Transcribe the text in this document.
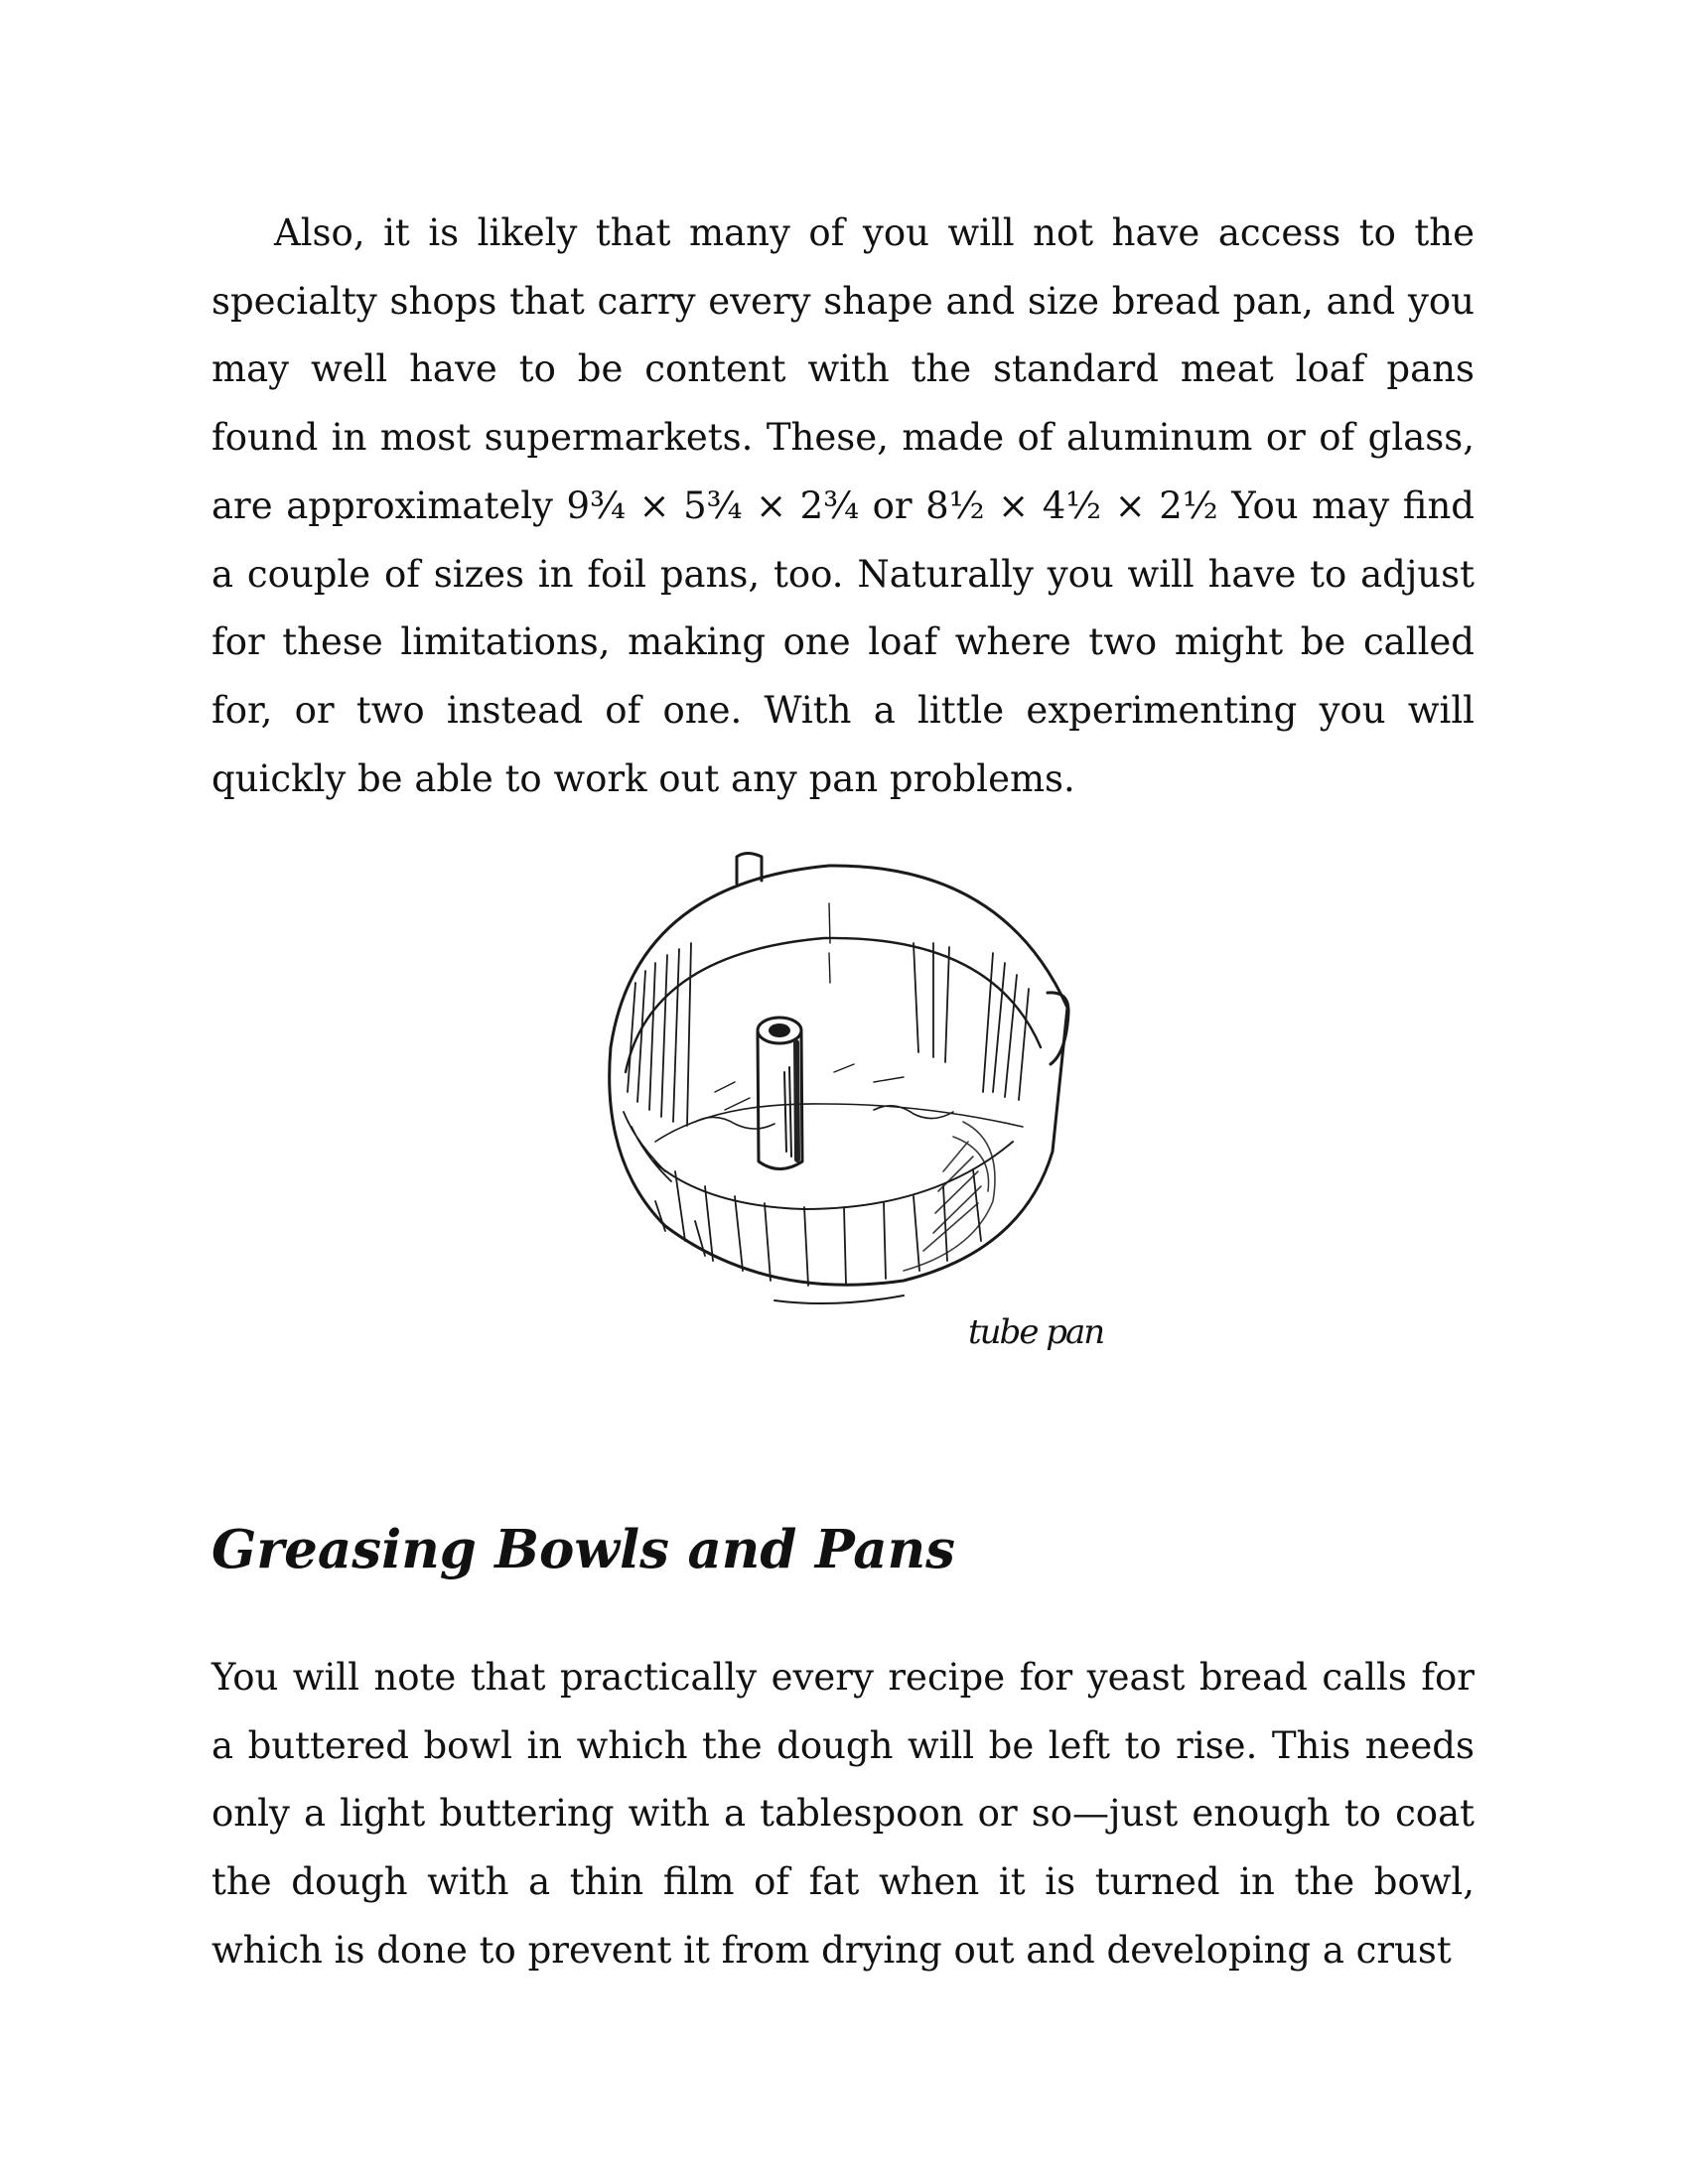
Also, it is likely that many of you will not have access to the specialty shops that carry every shape and size bread pan, and you may well have to be content with the standard meat loaf pans found in most supermarkets. These, made of aluminum or of glass, are approximately 9¾ × 5¾ × 2¾ or 8½ × 4½ × 2½ You may find a couple of sizes in foil pans, too. Naturally you will have to adjust for these limitations, making one loaf where two might be called for, or two instead of one. With a little experimenting you will quickly be able to work out any pan problems.

tube pan
Greasing Bowls and Pans

You will note that practically every recipe for yeast bread calls for a buttered bowl in which the dough will be left to rise. This needs only a light buttering with a tablespoon or so—just enough to coat the dough with a thin film of fat when it is turned in the bowl, which is done to prevent it from drying out and developing a crust
